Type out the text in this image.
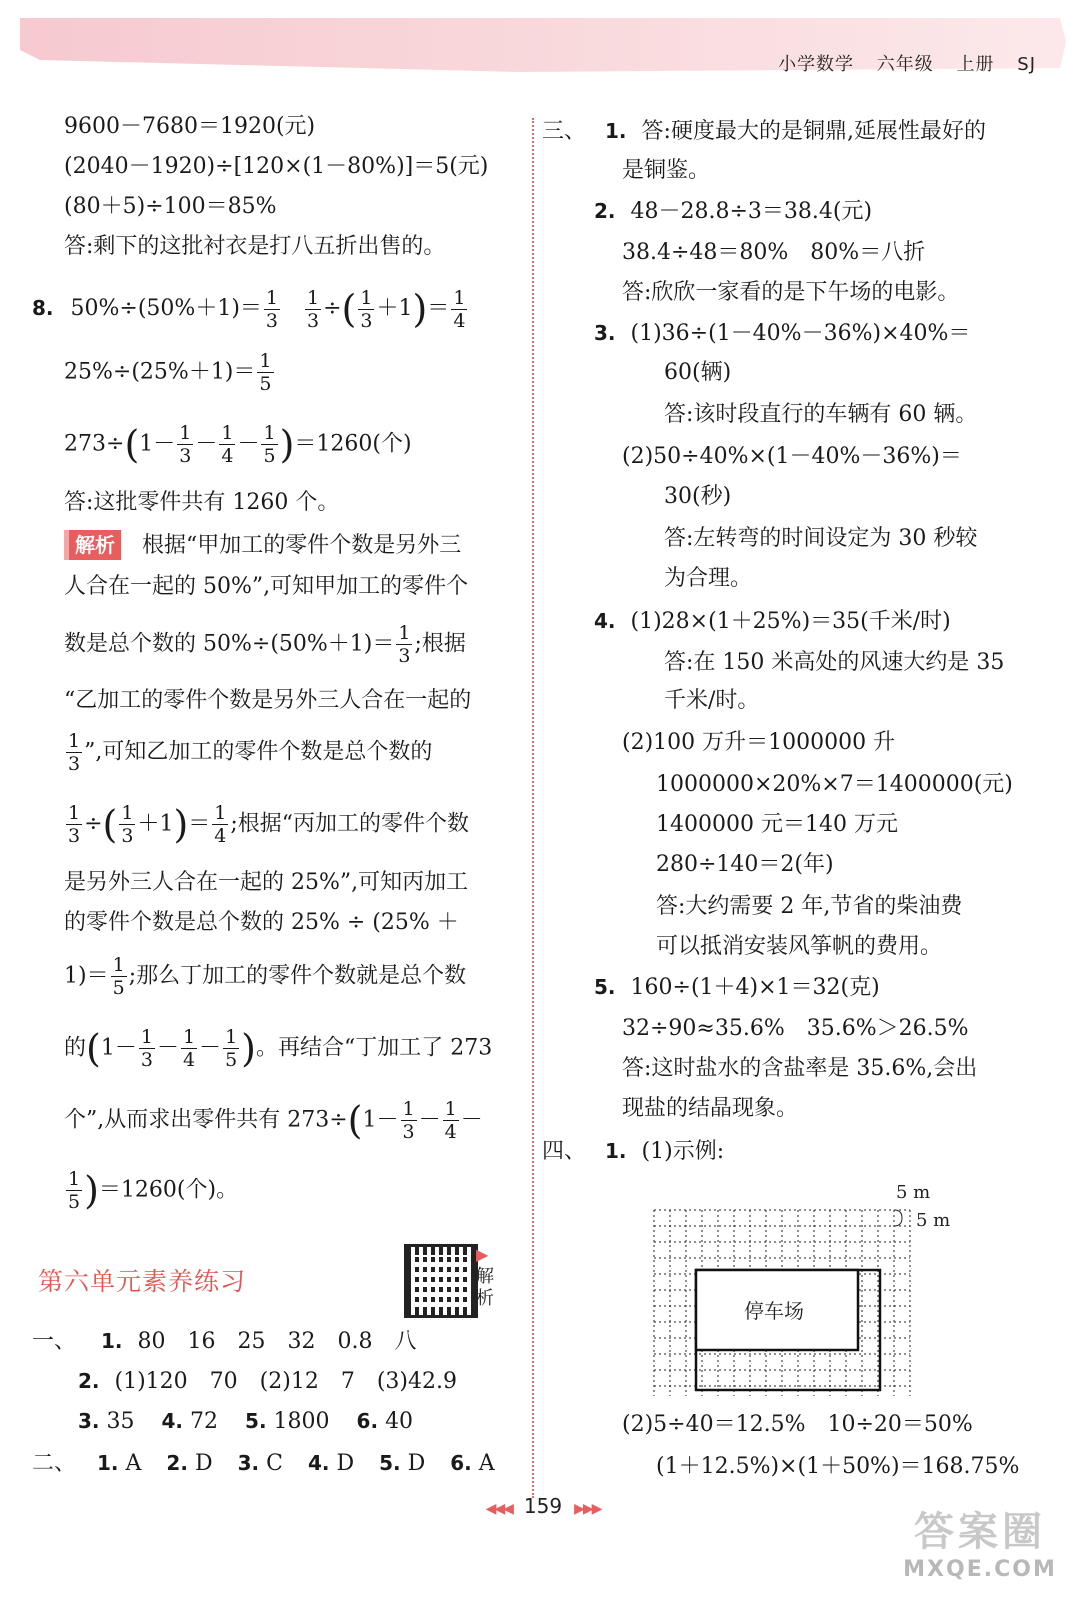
小学数学 六年级 上册 SJ
9600－7680＝1920(元)
(2040－1920)÷[120×(1－80%)]＝5(元)
(80＋5)÷100＝85%
答:剩下的这批衬衣是打八五折出售的。
8. $50\%\div(50\%+1)= \frac{1}{3}$
$\frac{1}{3}$ ÷( $\frac{1}{3} +1)= \frac{1}{4}$
$25\%\div(25\%+1)= \frac{1}{5}$
$273\div(1- \frac{1}{3} - \frac{1}{4} - \frac{1}{5} )=1260$(个)
答:这批零件共有 1260 个。
解析 根据“甲加工的零件个数是另外三
人合在一起的 50%”,可知甲加工的零件个
数是总个数的 $50\%\div(50\%+1)= \frac{1}{3}$ ;根据
“乙加工的零件个数是另外三人合在一起的
$\frac{1}{3}$ ”,可知乙加工的零件个数是总个数的
$\frac{1}{3}$ ÷( $\frac{1}{3} +1)= \frac{1}{4}$ ;根据“丙加工的零件个数
是另外三人合在一起的 25%”,可知丙加工
的零件个数是总个数的 25% ÷ (25% ＋
$1)= \frac{1}{5}$ ;那么丁加工的零件个数就是总个数
的($1- \frac{1}{3} - \frac{1}{4} - \frac{1}{5}$ )。再结合“丁加工了 273
个”,从而求出零件共有 $273\div(1- \frac{1}{3} - \frac{1}{4}$ －
$\frac{1}{5} )=1260$(个)。
第六单元素养练习
▶
解
析
一、 1. 80　16　25　32　0.8　八
2. (1)120　70　(2)12　7　(3)42.9
3. 35 4. 72 5. 1800 6. 40
二、 1. A 2. D 3. C 4. D 5. D 6. A
三、 1. 答:硬度最大的是铜鼎,延展性最好的
是铜鉴。
2. 48－28.8÷3＝38.4(元)
38.4÷48＝80%　80%＝八折
答:欣欣一家看的是下午场的电影。
3. (1)36÷(1－40%－36%)×40%＝
60(辆)
答:该时段直行的车辆有 60 辆。
(2)50÷40%×(1－40%－36%)＝
30(秒)
答:左转弯的时间设定为 30 秒较
为合理。
4. (1)28×(1＋25%)＝35(千米/时)
答:在 150 米高处的风速大约是 35
千米/时。
(2)100 万升＝1000000 升
1000000×20%×7＝1400000(元)
1400000 元＝140 万元
280÷140＝2(年)
答:大约需要 2 年,节省的柴油费
可以抵消安装风筝帆的费用。
5. 160÷(1＋4)×1＝32(克)
32÷90≈35.6%　35.6%＞26.5%
答:这时盐水的含盐率是 35.6%,会出
现盐的结晶现象。
四、 1. (1)示例:
5 m
5 m
停车场
(2)5÷40＝12.5%　10÷20＝50%
(1＋12.5%)×(1＋50%)＝168.75%
◀◀◀ 159 ▶▶▶	答案圈
MXQE.COM
